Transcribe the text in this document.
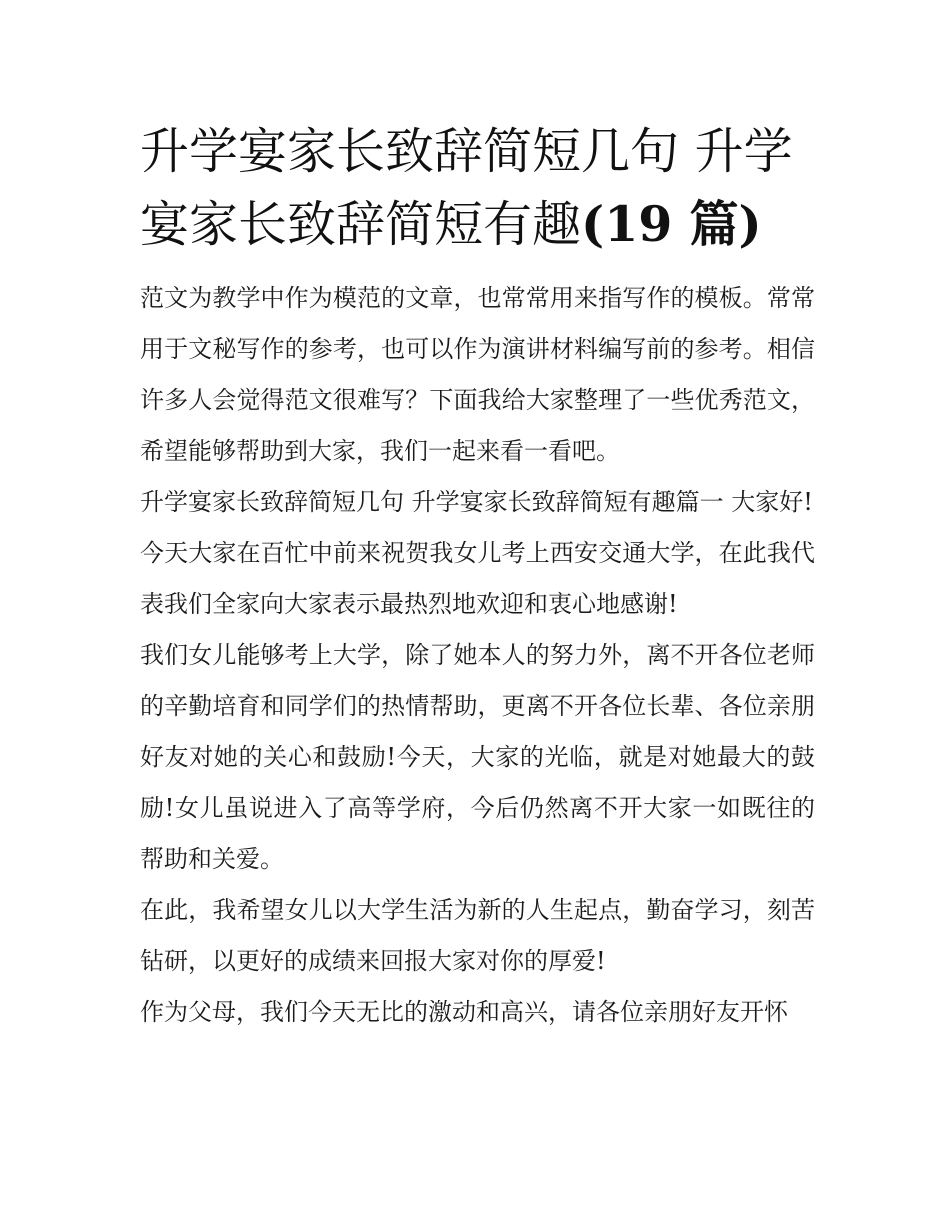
升学宴家长致辞简短几句 升学宴家长致辞简短有趣(19 篇)

范文为教学中作为模范的文章，也常常用来指写作的模板。常常用于文秘写作的参考，也可以作为演讲材料编写前的参考。相信许多人会觉得范文很难写？下面我给大家整理了一些优秀范文，希望能够帮助到大家，我们一起来看一看吧。

升学宴家长致辞简短几句 升学宴家长致辞简短有趣篇一 大家好!

今天大家在百忙中前来祝贺我女儿考上西安交通大学，在此我代表我们全家向大家表示最热烈地欢迎和衷心地感谢!

我们女儿能够考上大学，除了她本人的努力外，离不开各位老师的辛勤培育和同学们的热情帮助，更离不开各位长辈、各位亲朋好友对她的关心和鼓励!今天，大家的光临，就是对她最大的鼓励!女儿虽说进入了高等学府，今后仍然离不开大家一如既往的帮助和关爱。

在此，我希望女儿以大学生活为新的人生起点，勤奋学习，刻苦钻研，以更好的成绩来回报大家对你的厚爱!

作为父母，我们今天无比的激动和高兴，请各位亲朋好友开怀
